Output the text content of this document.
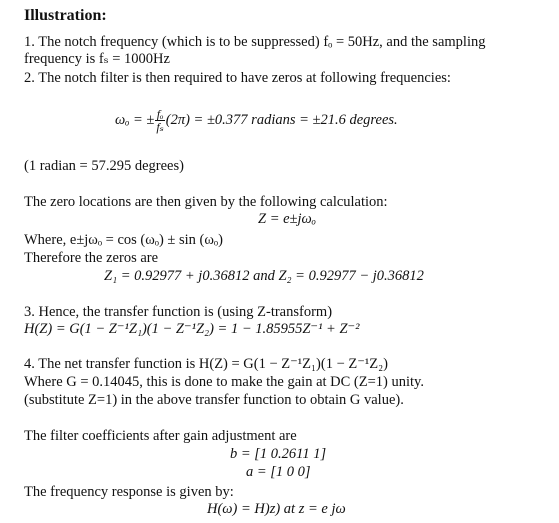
Illustration:
1. The notch frequency (which is to be suppressed) fₒ = 50Hz, and the sampling
frequency is fₛ = 1000Hz
2. The notch filter is then required to have zeros at following frequencies:
ωₒ = ± $\frac{\text{fₒ}}{\text{fₛ}} (2\pi) = \pm 0.377$ radians = ±21.6 degrees.
(1 radian = 57.295 degrees)
The zero locations are then given by the following calculation:
Z = e±jωₒ
Where, e±jωₒ = cos (ωₒ) ± sin (ωₒ)
Therefore the zeros are
Z₁ = 0.92977 + j0.36812 and Z₂ = 0.92977 − j0.36812
3. Hence, the transfer function is (using Z-transform)
H(Z) = G(1 − Z⁻¹Z₁)(1 − Z⁻¹Z₂) = 1 − 1.85955Z⁻¹ + Z⁻²
4. The net transfer function is H(Z) = G(1 − Z⁻¹Z₁)(1 − Z⁻¹Z₂)
Where G = 0.14045, this is done to make the gain at DC (Z=1) unity.
(substitute Z=1) in the above transfer function to obtain G value).
The filter coefficients after gain adjustment are
b = [1 0.2611 1]
a = [1 0 0]
The frequency response is given by:
H(ω) = H)z) at z = e jω
